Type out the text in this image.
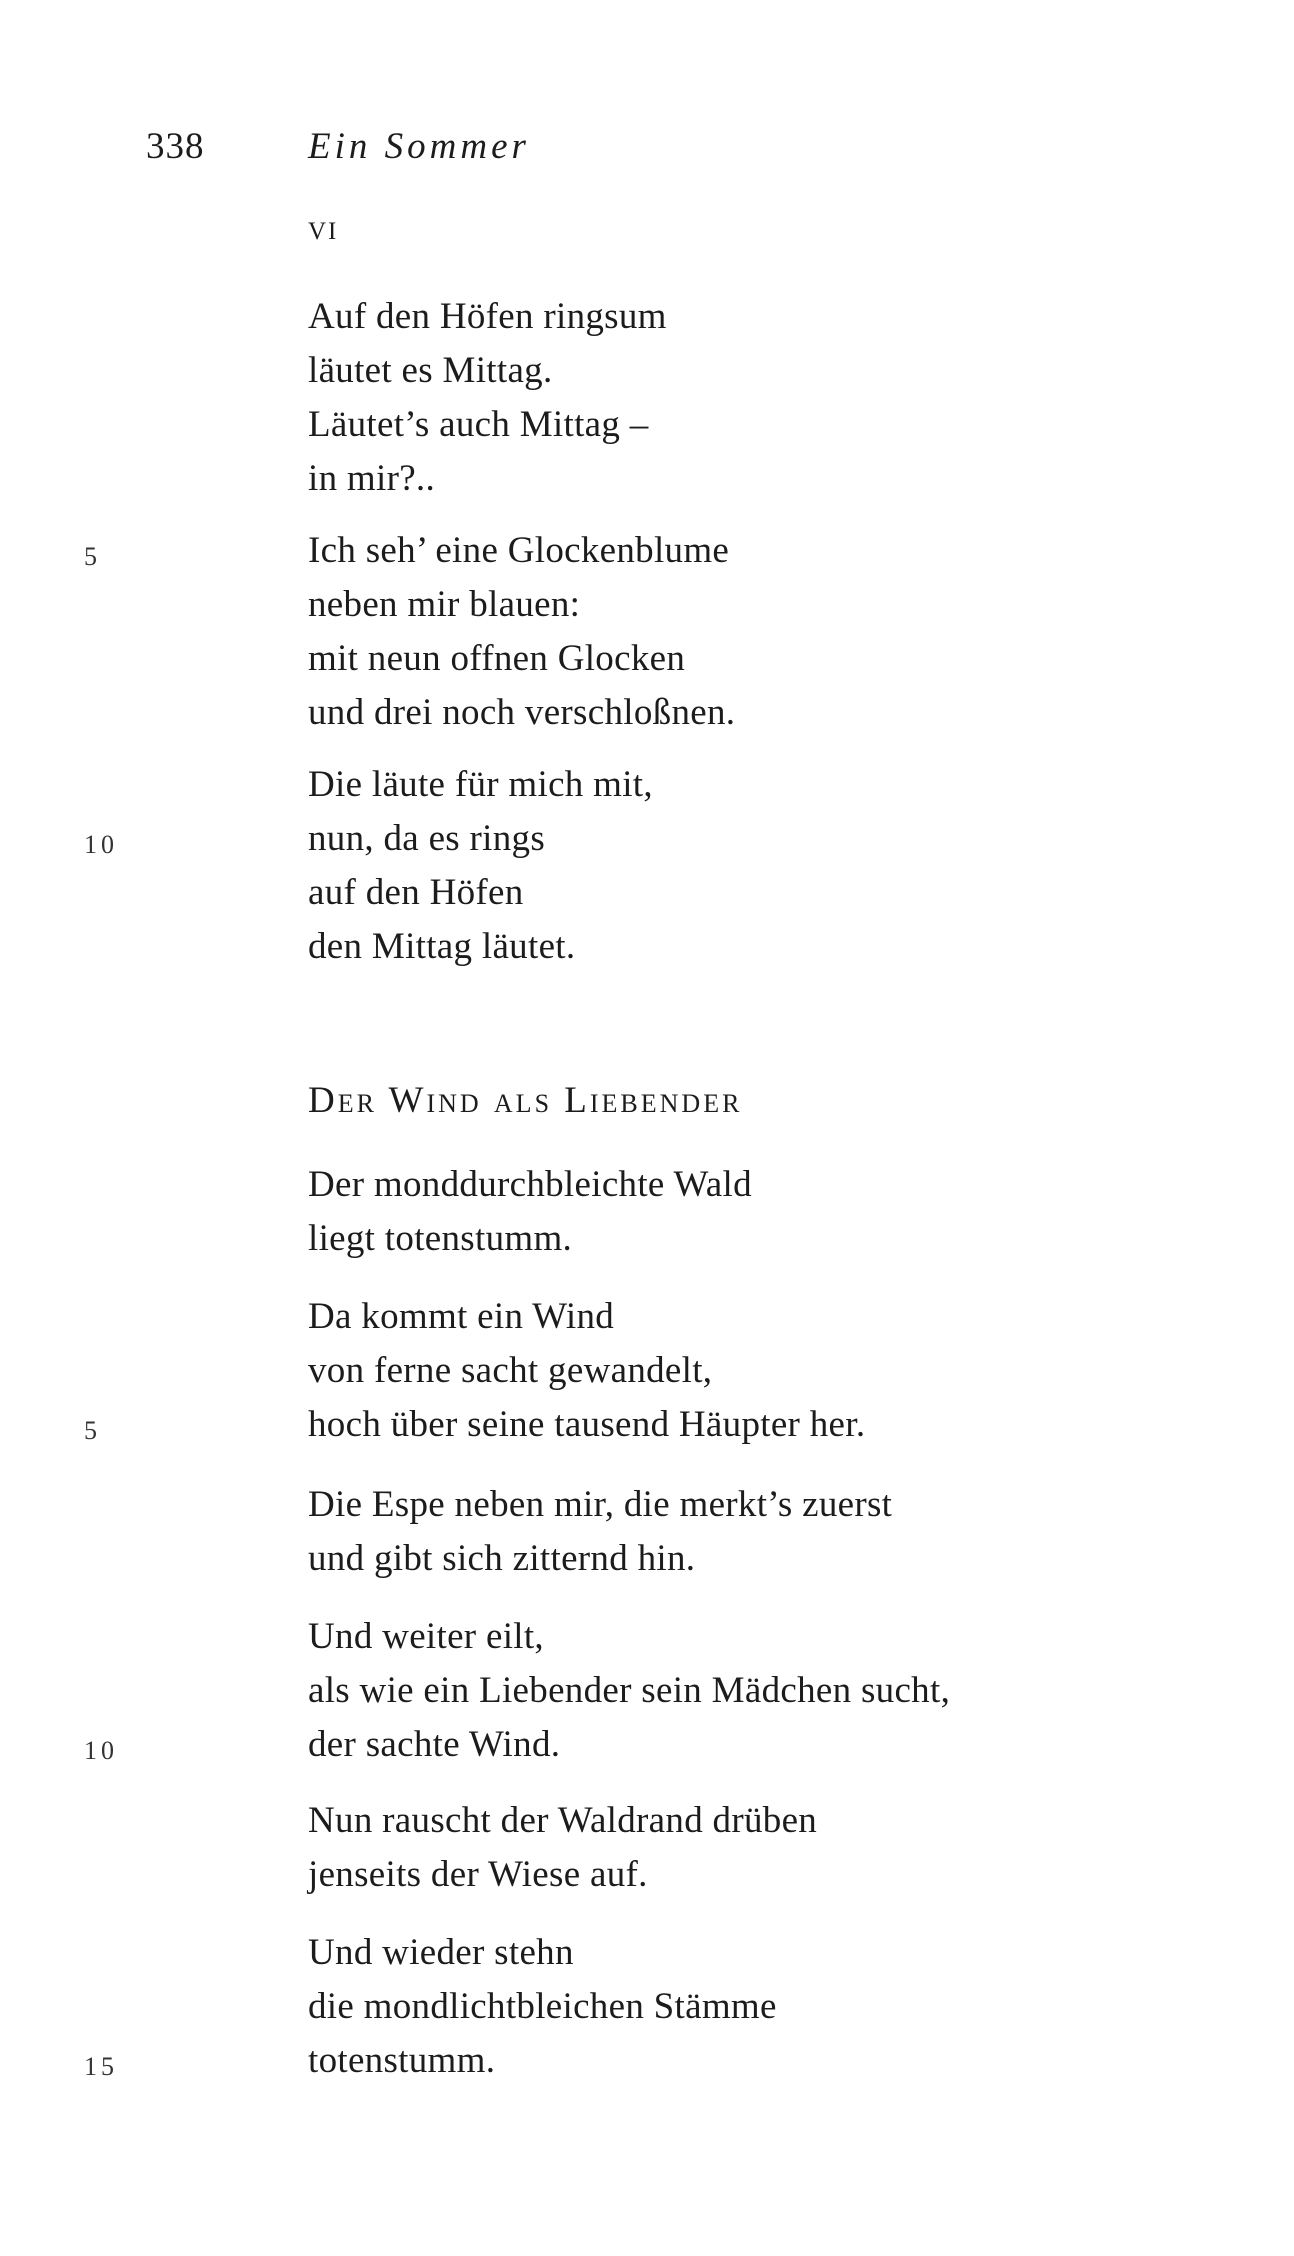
338	Ein Sommer
VI
Auf den Höfen ringsum
läutet es Mittag.
Läutet’s auch Mittag –
in mir?..
5	Ich seh’ eine Glockenblume
neben mir blauen:
mit neun offnen Glocken
und drei noch verschloßnen.
Die läute für mich mit,
10	nun, da es rings
auf den Höfen
den Mittag läutet.
Der Wind als Liebender
Der monddurchbleichte Wald
liegt totenstumm.
Da kommt ein Wind
von ferne sacht gewandelt,
5	hoch über seine tausend Häupter her.
Die Espe neben mir, die merkt’s zuerst
und gibt sich zitternd hin.
Und weiter eilt,
als wie ein Liebender sein Mädchen sucht,
10	der sachte Wind.
Nun rauscht der Waldrand drüben
jenseits der Wiese auf.
Und wieder stehn
die mondlichtbleichen Stämme
15	totenstumm.
